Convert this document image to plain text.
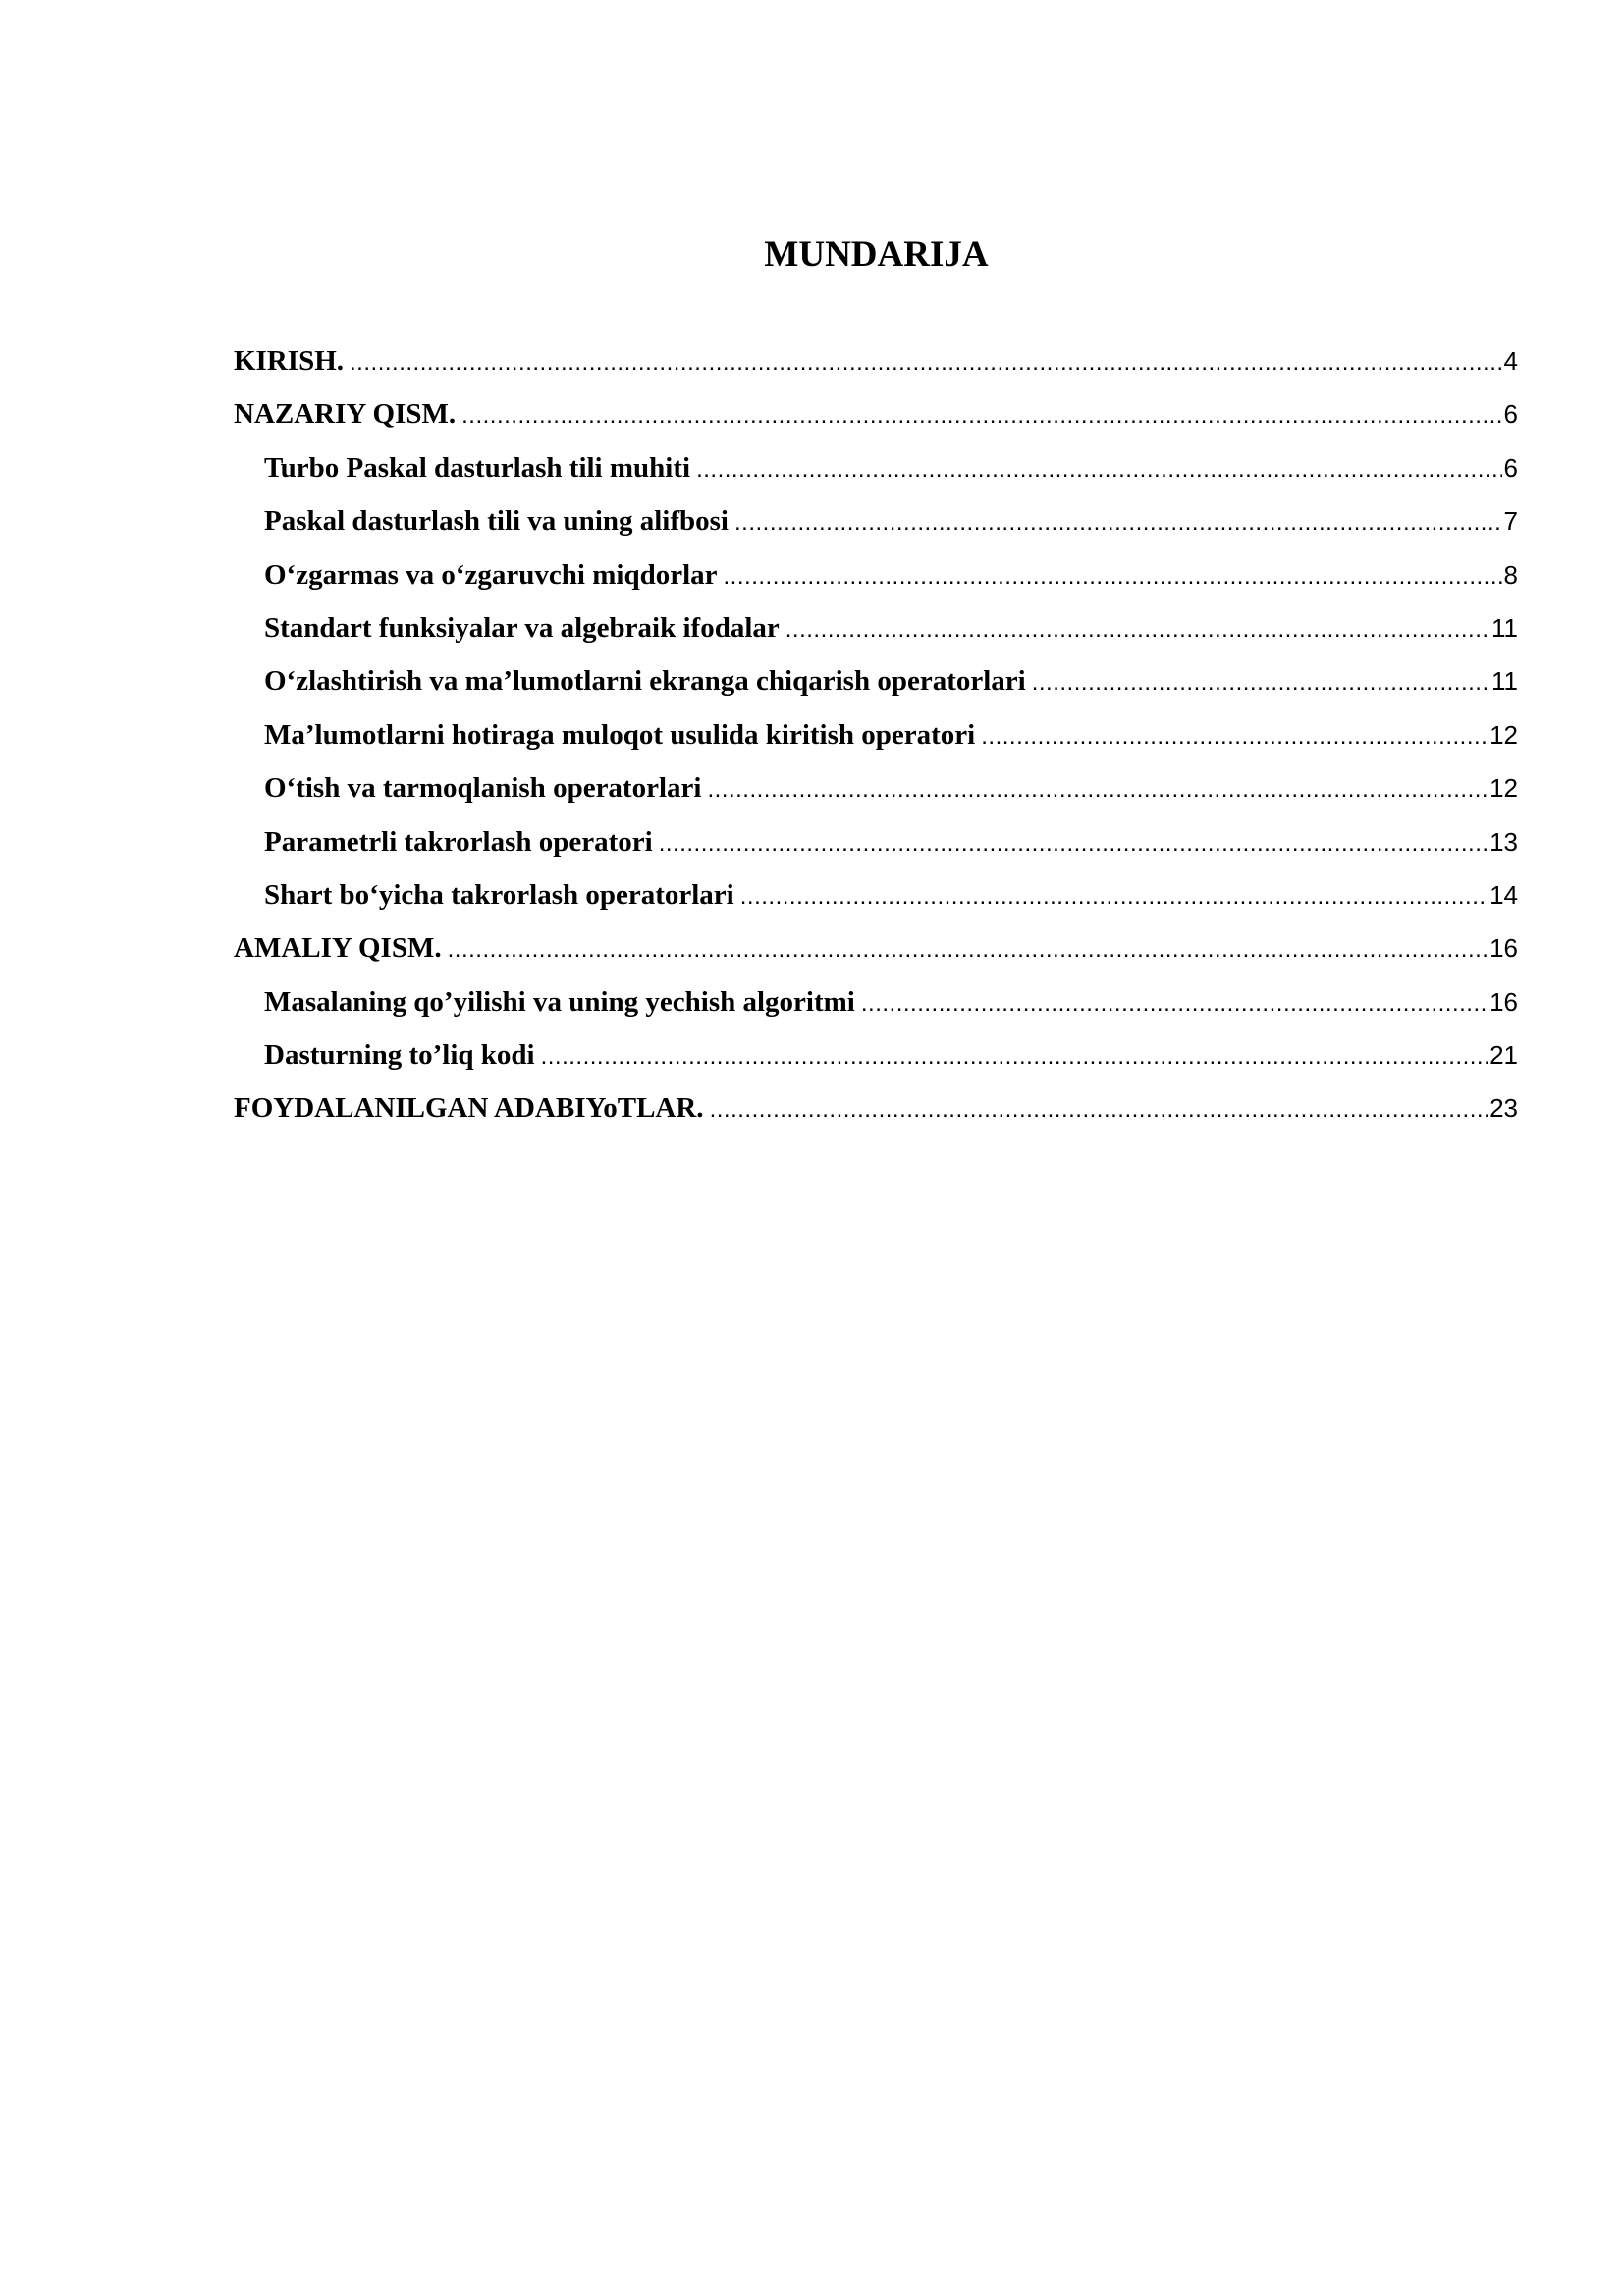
MUNDARIJA
KIRISH. .....	4
NAZARIY QISM. .....	6
Turbo Paskal dasturlash tili muhiti .....	6
Paskal dasturlash tili va uning alifbosi .....	7
O‘zgarmas va o‘zgaruvchi miqdorlar .....	8
Standart funksiyalar va algebraik ifodalar .....	11
O‘zlashtirish va ma’lumotlarni ekranga chiqarish operatorlari .....	11
Ma’lumotlarni hotiraga muloqot usulida kiritish operatori .....	12
O‘tish va tarmoqlanish operatorlari .....	12
Parametrli takrorlash operatori .....	13
Shart bo‘yicha takrorlash operatorlari .....	14
AMALIY QISM. .....	16
Masalaning qo’yilishi va uning yechish algoritmi .....	16
Dasturning to’liq kodi .....	21
FOYDALANILGAN ADABIYoTLAR. .....	23
